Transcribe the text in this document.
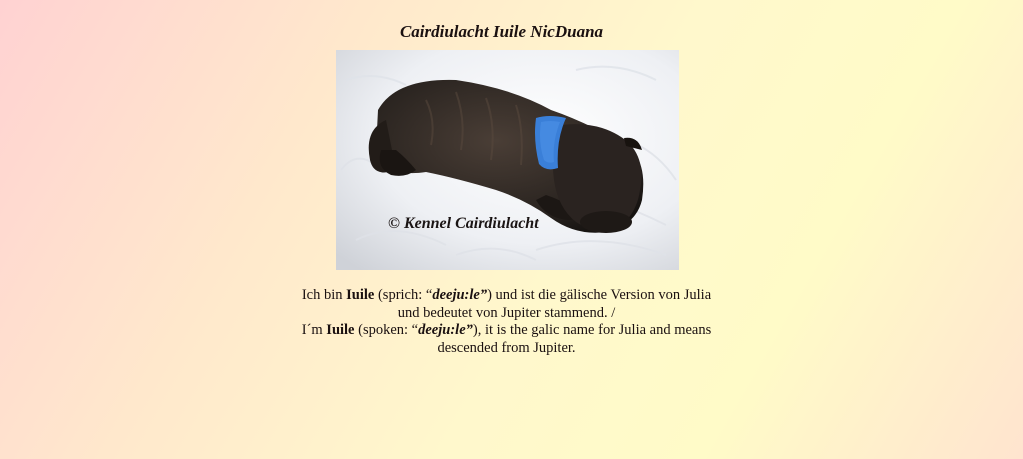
Cairdiulacht Iuile NicDuana
© Kennel Cairdiulacht

Ich bin Iuile (sprich: “deeju:le”) und ist die gälische Version von Julia

und bedeutet von Jupiter stammend. /

I´m Iuile (spoken: “deeju:le”), it is the galic name for Julia and means

descended from Jupiter.
